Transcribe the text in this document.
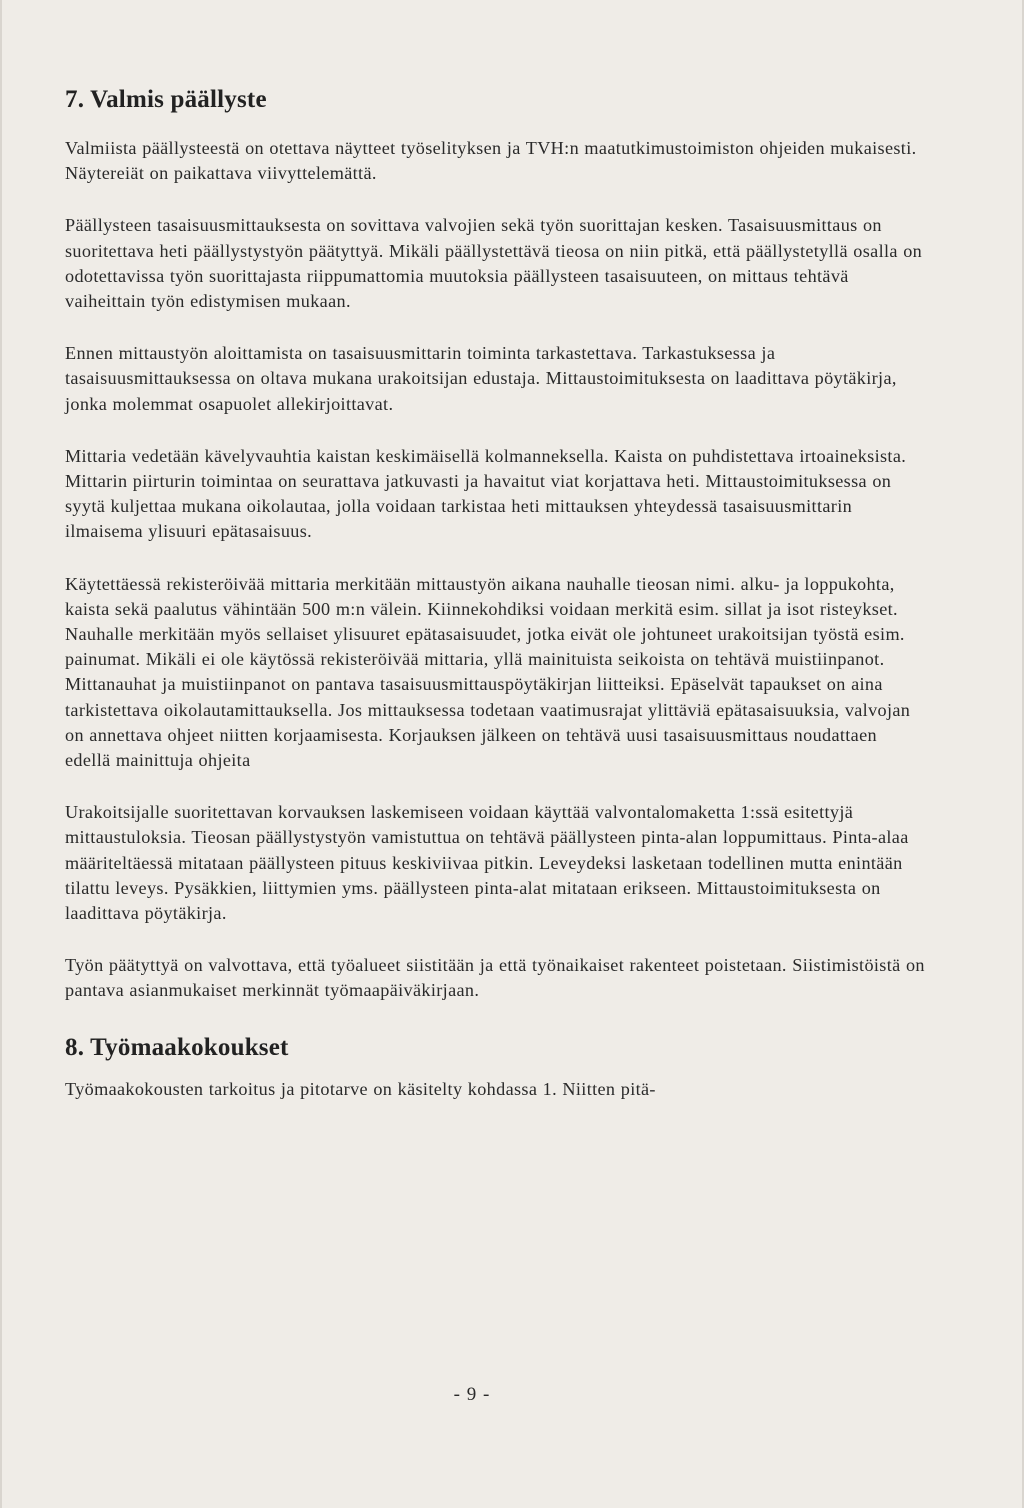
7. Valmis päällyste

Valmiista päällysteestä on otettava näytteet työselityksen ja TVH:n maatutkimustoimiston ohjeiden mukaisesti. Näytereiät on paikattava viivyttelemättä.

Päällysteen tasaisuusmittauksesta on sovittava valvojien sekä työn suorittajan kesken. Tasaisuusmittaus on suoritettava heti päällystystyön päätyttyä. Mikäli päällystettävä tieosa on niin pitkä, että päällystetyllä osalla on odotettavissa työn suorittajasta riippumattomia muutoksia päällysteen tasaisuuteen, on mittaus tehtävä vaiheittain työn edistymisen mukaan.

Ennen mittaustyön aloittamista on tasaisuusmittarin toiminta tarkastettava. Tarkastuksessa ja tasaisuusmittauksessa on oltava mukana urakoitsijan edustaja. Mittaustoimituksesta on laadittava pöytäkirja, jonka molemmat osapuolet allekirjoittavat.

Mittaria vedetään kävelyvauhtia kaistan keskimäisellä kolmanneksella. Kaista on puhdistettava irtoaineksista. Mittarin piirturin toimintaa on seurattava jatkuvasti ja havaitut viat korjattava heti. Mittaustoimituksessa on syytä kuljettaa mukana oikolautaa, jolla voidaan tarkistaa heti mittauksen yhteydessä tasaisuusmittarin ilmaisema ylisuuri epätasaisuus.

Käytettäessä rekisteröivää mittaria merkitään mittaustyön aikana nauhalle tieosan nimi. alku- ja loppukohta, kaista sekä paalutus vähintään 500 m:n välein. Kiinnekohdiksi voidaan merkitä esim. sillat ja isot risteykset. Nauhalle merkitään myös sellaiset ylisuuret epätasaisuudet, jotka eivät ole johtuneet urakoitsijan työstä esim. painumat. Mikäli ei ole käytössä rekisteröivää mittaria, yllä mainituista seikoista on tehtävä muistiinpanot. Mittanauhat ja muistiinpanot on pantava tasaisuusmittauspöytäkirjan liitteiksi. Epäselvät tapaukset on aina tarkistettava oikolautamittauksella. Jos mittauksessa todetaan vaatimusrajat ylittäviä epätasaisuuksia, valvojan on annettava ohjeet niitten korjaamisesta. Korjauksen jälkeen on tehtävä uusi tasaisuusmittaus noudattaen edellä mainittuja ohjeita

Urakoitsijalle suoritettavan korvauksen laskemiseen voidaan käyttää valvontalomaketta 1:ssä esitettyjä mittaustuloksia. Tieosan päällystystyön vamistuttua on tehtävä päällysteen pinta-alan loppumittaus. Pinta-alaa määriteltäessä mitataan päällysteen pituus keskiviivaa pitkin. Leveydeksi lasketaan todellinen mutta enintään tilattu leveys. Pysäkkien, liittymien yms. päällysteen pinta-alat mitataan erikseen. Mittaustoimituksesta on laadittava pöytäkirja.

Työn päätyttyä on valvottava, että työalueet siistitään ja että työnaikaiset rakenteet poistetaan. Siistimistöistä on pantava asianmukaiset merkinnät työmaapäiväkirjaan.

8. Työmaakokoukset

Työmaakokousten tarkoitus ja pitotarve on käsitelty kohdassa 1. Niitten pitä-

- 9 -
